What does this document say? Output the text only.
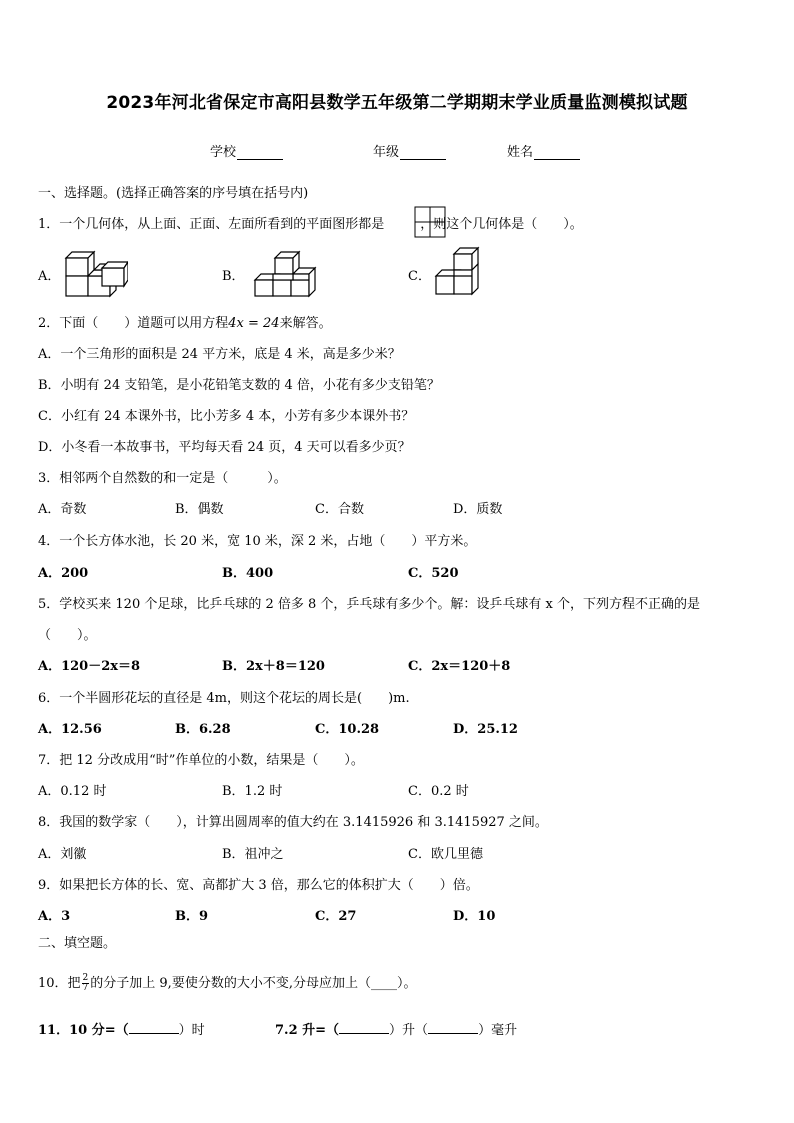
2023年河北省保定市高阳县数学五年级第二学期期末学业质量监测模拟试题
学校	年级	姓名
一、选择题。(选择正确答案的序号填在括号内)
1．一个几何体，从上面、正面、左面所看到的平面图形都是	，则这个几何体是（　　）。
A．	B．	C．
2．下面（　　）道题可以用方程4x = 24来解答。
A．一个三角形的面积是 24 平方米，底是 4 米，高是多少米？
B．小明有 24 支铅笔，是小花铅笔支数的 4 倍，小花有多少支铅笔？
C．小红有 24 本课外书，比小芳多 4 本，小芳有多少本课外书？
D．小冬看一本故事书，平均每天看 24 页，4 天可以看多少页？
3．相邻两个自然数的和一定是（　　　）。
A．奇数	B．偶数	C．合数	D．质数
4．一个长方体水池，长 20 米，宽 10 米，深 2 米，占地（　　）平方米。
A．200	B．400	C．520
5．学校买来 120 个足球，比乒乓球的 2 倍多 8 个，乒乓球有多少个。解：设乒乓球有 x 个，下列方程不正确的是
（　　）。
A．120－2x＝8	B．2x＋8＝120	C．2x＝120＋8
6．一个半圆形花坛的直径是 4m，则这个花坛的周长是(　　)m.
A．12.56	B．6.28	C．10.28	D．25.12
7．把 12 分改成用“时”作单位的小数，结果是（　　）。
A．0.12 时	B．1.2 时	C．0.2 时
8．我国的数学家（　　），计算出圆周率的值大约在 3.1415926 和 3.1415927 之间。
A．刘徽	B．祖冲之	C．欧几里德
9．如果把长方体的长、宽、高都扩大 3 倍，那么它的体积扩大（　　）倍。
A．3	B．9	C．27	D．10
二、填空题。
10．把 $\frac{2}{7}$ 的分子加上 9,要使分数的大小不变,分母应加上（____）。
11．10 分=（	）时	7.2 升=（	）升（	）毫升
